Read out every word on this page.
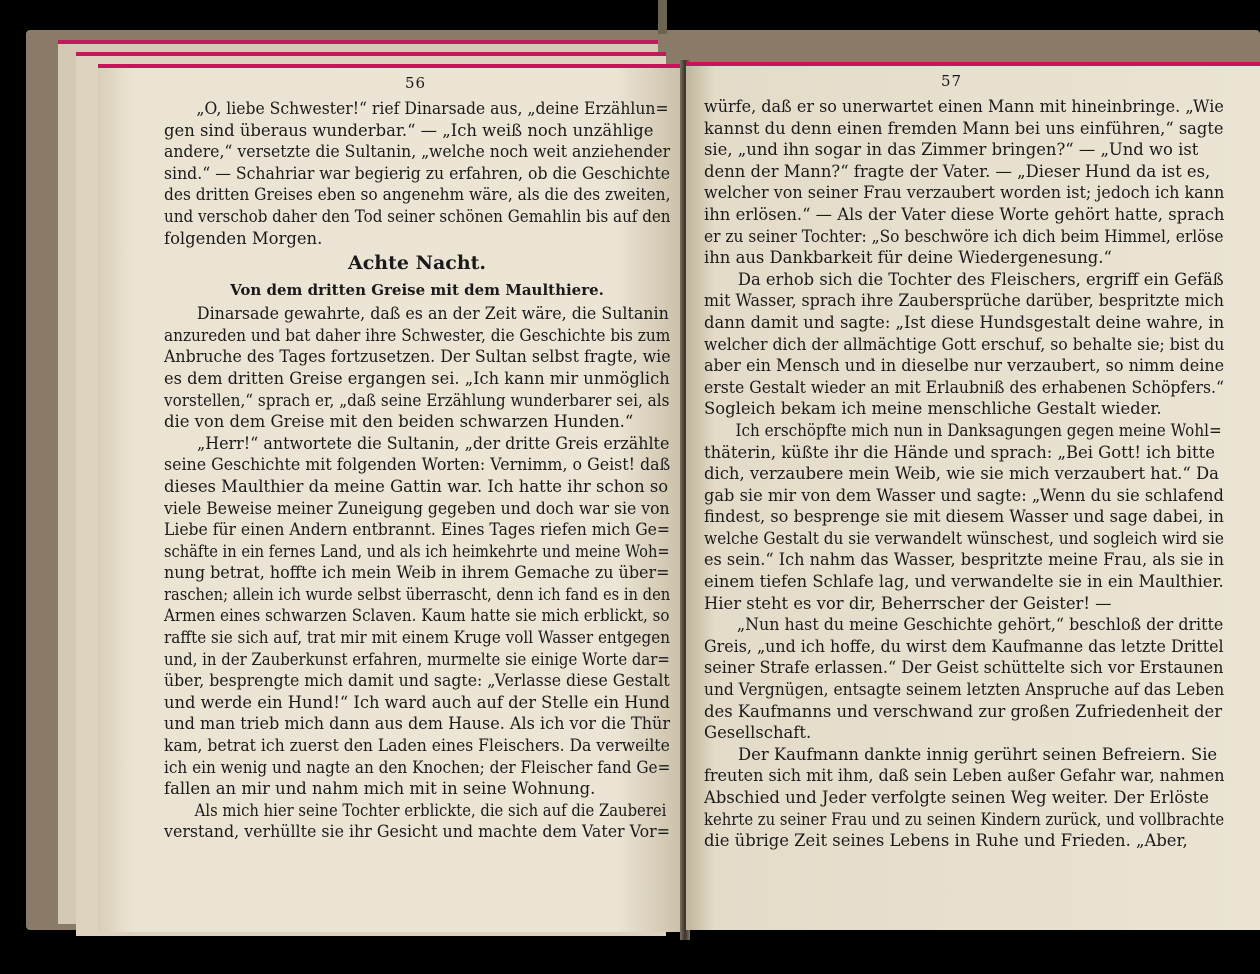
56
„O, liebe Schwester!“ rief Dinarsade aus, „deine Erzählun=
gen sind überaus wunderbar.“ — „Ich weiß noch unzählige
andere,“ versetzte die Sultanin, „welche noch weit anziehender
sind.“ — Schahriar war begierig zu erfahren, ob die Geschichte
des dritten Greises eben so angenehm wäre, als die des zweiten,
und verschob daher den Tod seiner schönen Gemahlin bis auf den
folgenden Morgen.
Achte Nacht.
Von dem dritten Greise mit dem Maulthiere.
Dinarsade gewahrte, daß es an der Zeit wäre, die Sultanin
anzureden und bat daher ihre Schwester, die Geschichte bis zum
Anbruche des Tages fortzusetzen. Der Sultan selbst fragte, wie
es dem dritten Greise ergangen sei. „Ich kann mir unmöglich
vorstellen,“ sprach er, „daß seine Erzählung wunderbarer sei, als
die von dem Greise mit den beiden schwarzen Hunden.“
„Herr!“ antwortete die Sultanin, „der dritte Greis erzählte
seine Geschichte mit folgenden Worten: Vernimm, o Geist! daß
dieses Maulthier da meine Gattin war. Ich hatte ihr schon so
viele Beweise meiner Zuneigung gegeben und doch war sie von
Liebe für einen Andern entbrannt. Eines Tages riefen mich Ge=
schäfte in ein fernes Land, und als ich heimkehrte und meine Woh=
nung betrat, hoffte ich mein Weib in ihrem Gemache zu über=
raschen; allein ich wurde selbst überrascht, denn ich fand es in den
Armen eines schwarzen Sclaven. Kaum hatte sie mich erblickt, so
raffte sie sich auf, trat mir mit einem Kruge voll Wasser entgegen
und, in der Zauberkunst erfahren, murmelte sie einige Worte dar=
über, besprengte mich damit und sagte: „Verlasse diese Gestalt
und werde ein Hund!“ Ich ward auch auf der Stelle ein Hund
und man trieb mich dann aus dem Hause. Als ich vor die Thür
kam, betrat ich zuerst den Laden eines Fleischers. Da verweilte
ich ein wenig und nagte an den Knochen; der Fleischer fand Ge=
fallen an mir und nahm mich mit in seine Wohnung.
Als mich hier seine Tochter erblickte, die sich auf die Zauberei
verstand, verhüllte sie ihr Gesicht und machte dem Vater Vor=
57
würfe, daß er so unerwartet einen Mann mit hineinbringe. „Wie
kannst du denn einen fremden Mann bei uns einführen,“ sagte
sie, „und ihn sogar in das Zimmer bringen?“ — „Und wo ist
denn der Mann?“ fragte der Vater. — „Dieser Hund da ist es,
welcher von seiner Frau verzaubert worden ist; jedoch ich kann
ihn erlösen.“ — Als der Vater diese Worte gehört hatte, sprach
er zu seiner Tochter: „So beschwöre ich dich beim Himmel, erlöse
ihn aus Dankbarkeit für deine Wiedergenesung.“
Da erhob sich die Tochter des Fleischers, ergriff ein Gefäß
mit Wasser, sprach ihre Zaubersprüche darüber, bespritzte mich
dann damit und sagte: „Ist diese Hundsgestalt deine wahre, in
welcher dich der allmächtige Gott erschuf, so behalte sie; bist du
aber ein Mensch und in dieselbe nur verzaubert, so nimm deine
erste Gestalt wieder an mit Erlaubniß des erhabenen Schöpfers.“
Sogleich bekam ich meine menschliche Gestalt wieder.
Ich erschöpfte mich nun in Danksagungen gegen meine Wohl=
thäterin, küßte ihr die Hände und sprach: „Bei Gott! ich bitte
dich, verzaubere mein Weib, wie sie mich verzaubert hat.“ Da
gab sie mir von dem Wasser und sagte: „Wenn du sie schlafend
findest, so besprenge sie mit diesem Wasser und sage dabei, in
welche Gestalt du sie verwandelt wünschest, und sogleich wird sie
es sein.“ Ich nahm das Wasser, bespritzte meine Frau, als sie in
einem tiefen Schlafe lag, und verwandelte sie in ein Maulthier.
Hier steht es vor dir, Beherrscher der Geister! —
„Nun hast du meine Geschichte gehört,“ beschloß der dritte
Greis, „und ich hoffe, du wirst dem Kaufmanne das letzte Drittel
seiner Strafe erlassen.“ Der Geist schüttelte sich vor Erstaunen
und Vergnügen, entsagte seinem letzten Anspruche auf das Leben
des Kaufmanns und verschwand zur großen Zufriedenheit der
Gesellschaft.
Der Kaufmann dankte innig gerührt seinen Befreiern. Sie
freuten sich mit ihm, daß sein Leben außer Gefahr war, nahmen
Abschied und Jeder verfolgte seinen Weg weiter. Der Erlöste
kehrte zu seiner Frau und zu seinen Kindern zurück, und vollbrachte
die übrige Zeit seines Lebens in Ruhe und Frieden. „Aber,
